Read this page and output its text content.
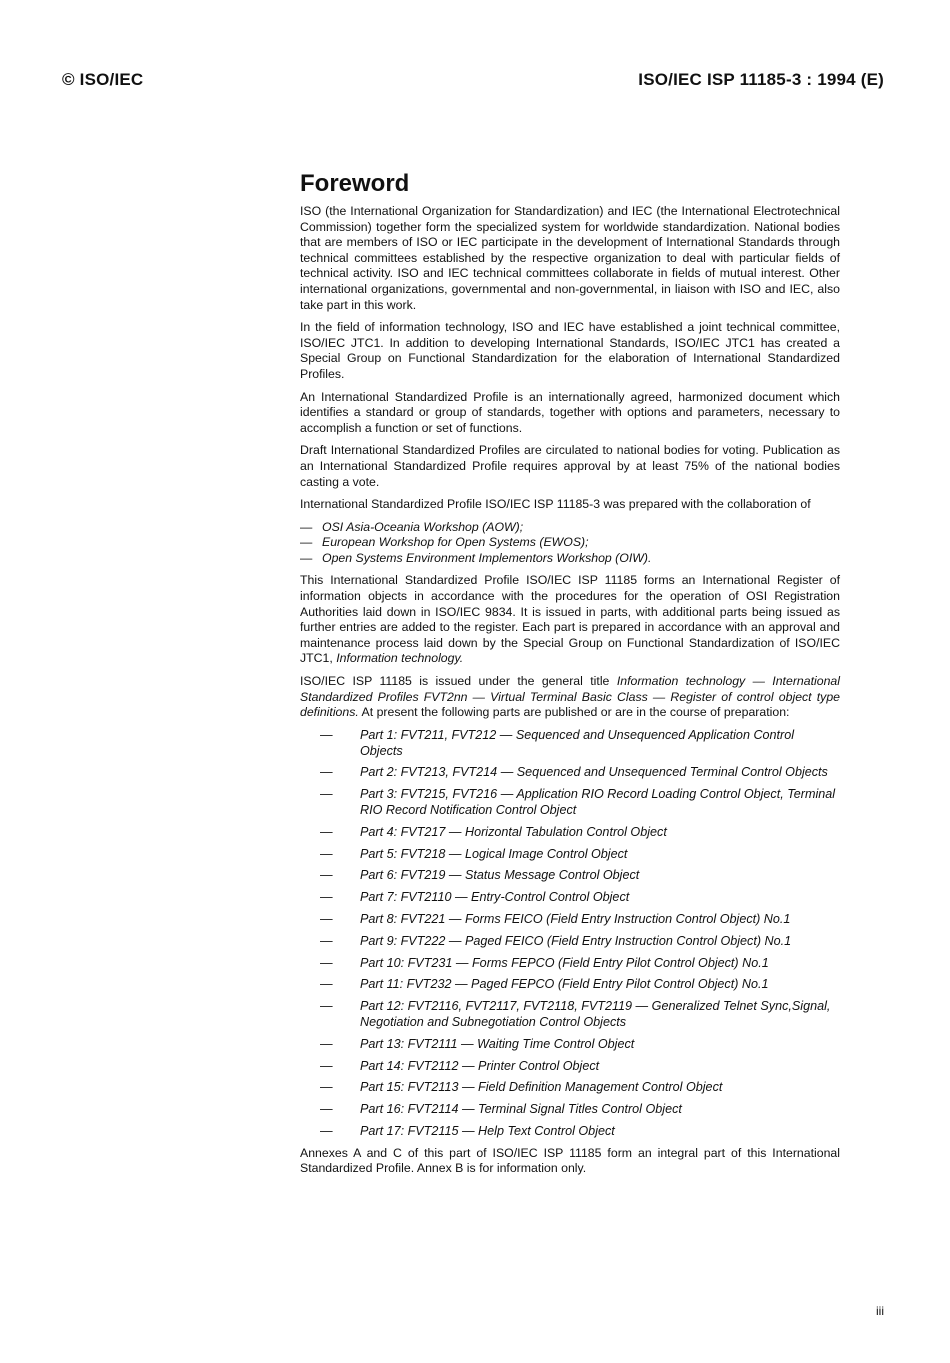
© ISO/IEC	ISO/IEC ISP 11185-3 : 1994 (E)
Foreword

ISO (the International Organization for Standardization) and IEC (the International Electrotechnical Commission) together form the specialized system for worldwide standardization. National bodies that are members of ISO or IEC participate in the development of International Standards through technical committees established by the respective organization to deal with particular fields of technical activity. ISO and IEC technical committees collaborate in fields of mutual interest. Other international organizations, governmental and non-governmental, in liaison with ISO and IEC, also take part in this work.

In the field of information technology, ISO and IEC have established a joint technical committee, ISO/IEC JTC1. In addition to developing International Standards, ISO/IEC JTC1 has created a Special Group on Functional Standardization for the elaboration of International Standardized Profiles.

An International Standardized Profile is an internationally agreed, harmonized document which identifies a standard or group of standards, together with options and parameters, necessary to accomplish a function or set of functions.

Draft International Standardized Profiles are circulated to national bodies for voting. Publication as an International Standardized Profile requires approval by at least 75% of the national bodies casting a vote.

International Standardized Profile ISO/IEC ISP 11185-3 was prepared with the collaboration of

— OSI Asia-Oceania Workshop (AOW);
— European Workshop for Open Systems (EWOS);
— Open Systems Environment Implementors Workshop (OIW).

This International Standardized Profile ISO/IEC ISP 11185 forms an International Register of information objects in accordance with the procedures for the operation of OSI Registration Authorities laid down in ISO/IEC 9834. It is issued in parts, with additional parts being issued as further entries are added to the register. Each part is prepared in accordance with an approval and maintenance process laid down by the Special Group on Functional Standardization of ISO/IEC JTC1, Information technology.

ISO/IEC ISP 11185 is issued under the general title Information technology — International Standardized Profiles FVT2nn — Virtual Terminal Basic Class — Register of control object type definitions. At present the following parts are published or are in the course of preparation:

—	Part 1: FVT211, FVT212 — Sequenced and Unsequenced Application Control Objects
—	Part 2: FVT213, FVT214 — Sequenced and Unsequenced Terminal Control Objects
—	Part 3: FVT215, FVT216 — Application RIO Record Loading Control Object, Terminal RIO Record Notification Control Object
—	Part 4: FVT217 — Horizontal Tabulation Control Object
—	Part 5: FVT218 — Logical Image Control Object
—	Part 6: FVT219 — Status Message Control Object
—	Part 7: FVT2110 — Entry-Control Control Object
—	Part 8: FVT221 — Forms FEICO (Field Entry Instruction Control Object) No.1
—	Part 9: FVT222 — Paged FEICO (Field Entry Instruction Control Object) No.1
—	Part 10: FVT231 — Forms FEPCO (Field Entry Pilot Control Object) No.1
—	Part 11: FVT232 — Paged FEPCO (Field Entry Pilot Control Object) No.1
—	Part 12: FVT2116, FVT2117, FVT2118, FVT2119 — Generalized Telnet Sync,Signal, Negotiation and Subnegotiation Control Objects
—	Part 13: FVT2111 — Waiting Time Control Object
—	Part 14: FVT2112 — Printer Control Object
—	Part 15: FVT2113 — Field Definition Management Control Object
—	Part 16: FVT2114 — Terminal Signal Titles Control Object
—	Part 17: FVT2115 — Help Text Control Object

Annexes A and C of this part of ISO/IEC ISP 11185 form an integral part of this International Standardized Profile. Annex B is for information only.

iii
